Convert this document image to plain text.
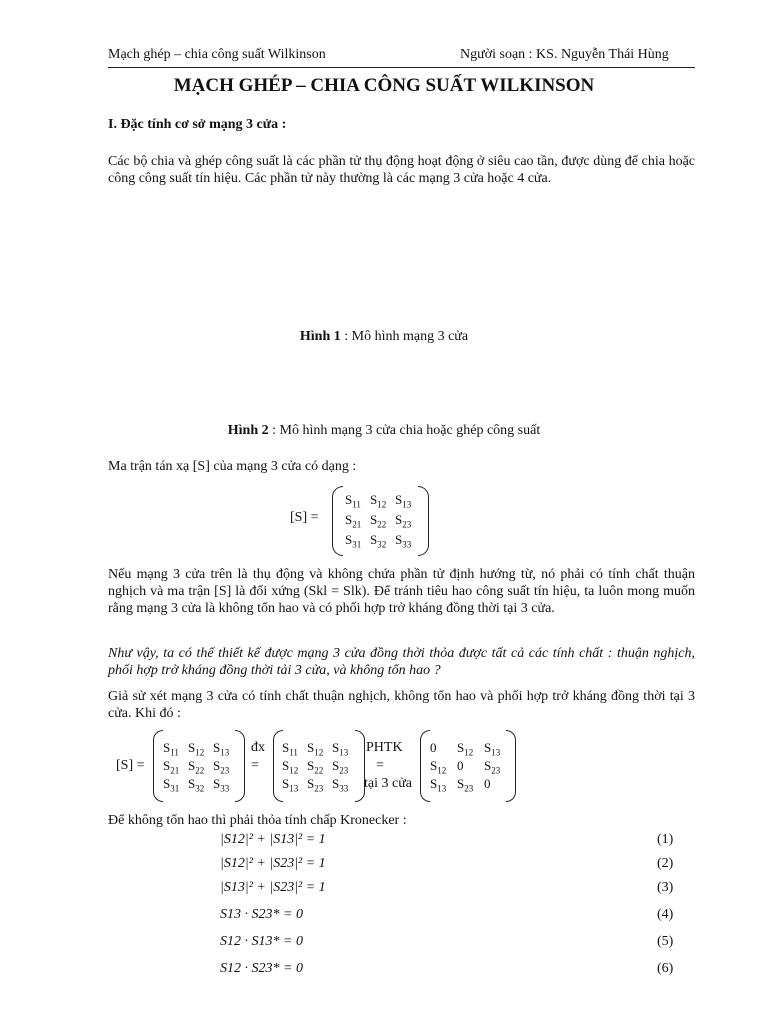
Mạch ghép – chia công suất Wilkinson	Người soạn : KS. Nguyễn Thái Hùng
MẠCH GHÉP – CHIA CÔNG SUẤT WILKINSON
I. Đặc tính cơ sở mạng 3 cửa :
Các bộ chia và ghép công suất là các phần tử thụ động hoạt động ở siêu cao tần, được dùng để chia hoặc công công suất tín hiệu. Các phần tử này thường là các mạng 3 cửa hoặc 4 cửa.
Hình 1 : Mô hình mạng 3 cửa
Hình 2 : Mô hình mạng 3 cửa chia hoặc ghép công suất
Ma trận tán xạ [S] của mạng 3 cửa có dạng :
[S] =
$S_{11}$ $S_{12}$ $S_{13}$
$S_{21}$ $S_{22}$ $S_{23}$
$S_{31}$ $S_{32}$ $S_{33}$
Nếu mạng 3 cửa trên là thụ động và không chứa phần tử định hướng từ, nó phải có tính chất thuận nghịch và ma trận [S] là đối xứng (Skl = Slk). Để tránh tiêu hao công suất tín hiệu, ta luôn mong muốn rằng mạng 3 cửa là không tổn hao và có phối hợp trở kháng đồng thời tại 3 cửa.
Như vậy, ta có thể thiết kế được mạng 3 cửa đồng thời thỏa được tất cả các tính chất : thuận nghịch, phối hợp trở kháng đồng thời tải 3 cửa, và không tổn hao ?
Giả sử xét mạng 3 cửa có tính chất thuận nghịch, không tổn hao và phối hợp trở kháng đồng thời tại 3 cửa. Khi đó :
[S] =
đx
=
PHTK
=
tại 3 cửa
$S_{11}$ $S_{12}$ $S_{13}$
$S_{21}$ $S_{22}$ $S_{23}$
$S_{31}$ $S_{32}$ $S_{33}$
$S_{11}$ $S_{12}$ $S_{13}$
$S_{12}$ $S_{22}$ $S_{23}$
$S_{13}$ $S_{23}$ $S_{33}$
0 $S_{12}$ $S_{13}$
$S_{12}$ 0 $S_{23}$
$S_{13}$ $S_{23}$ 0
Để không tổn hao thì phải thỏa tính chấp Kronecker :
|S12|² + |S13|² = 1	(1)
|S12|² + |S23|² = 1	(2)
|S13|² + |S23|² = 1	(3)
S13 · S23* = 0	(4)
S12 · S13* = 0	(5)
S12 · S23* = 0	(6)
